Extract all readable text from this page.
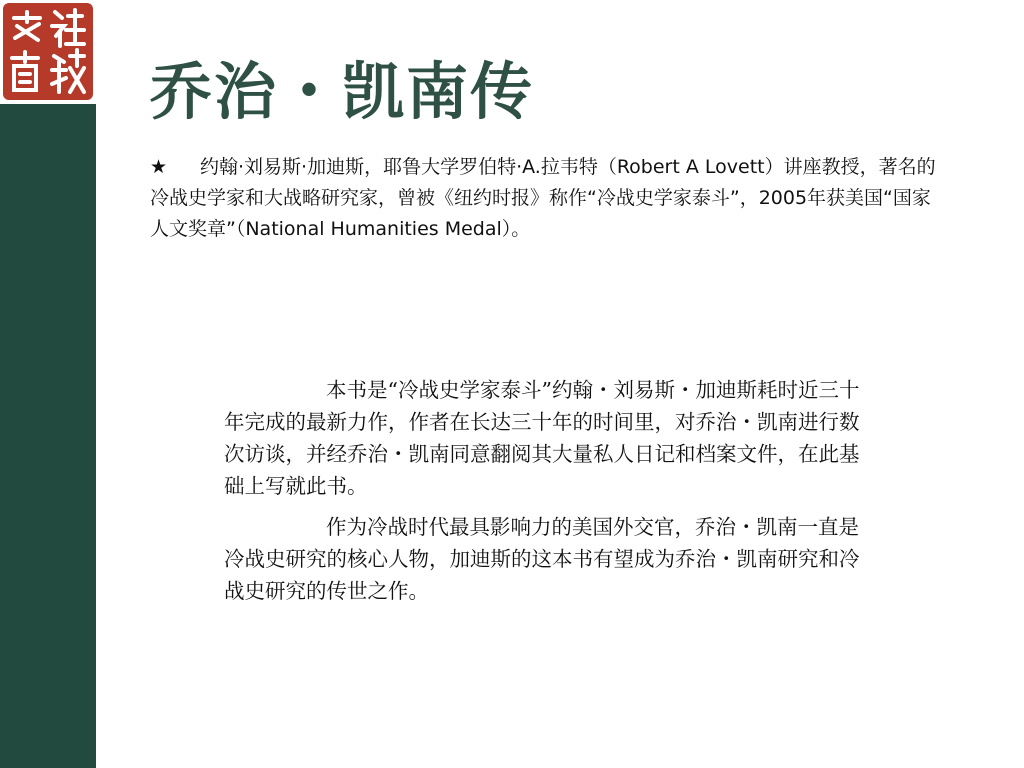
乔治・凯南传

★ 约翰·刘易斯·加迪斯，耶鲁大学罗伯特·A.拉韦特（Robert A Lovett）讲座教授，著名的冷战史学家和大战略研究家，曾被《纽约时报》称作“冷战史学家泰斗”，2005年获美国“国家人文奖章”（National Humanities Medal）。

本书是“冷战史学家泰斗”约翰・刘易斯・加迪斯耗时近三十年完成的最新力作，作者在长达三十年的时间里，对乔治・凯南进行数次访谈，并经乔治・凯南同意翻阅其大量私人日记和档案文件，在此基础上写就此书。

作为冷战时代最具影响力的美国外交官，乔治・凯南一直是冷战史研究的核心人物，加迪斯的这本书有望成为乔治・凯南研究和冷战史研究的传世之作。
